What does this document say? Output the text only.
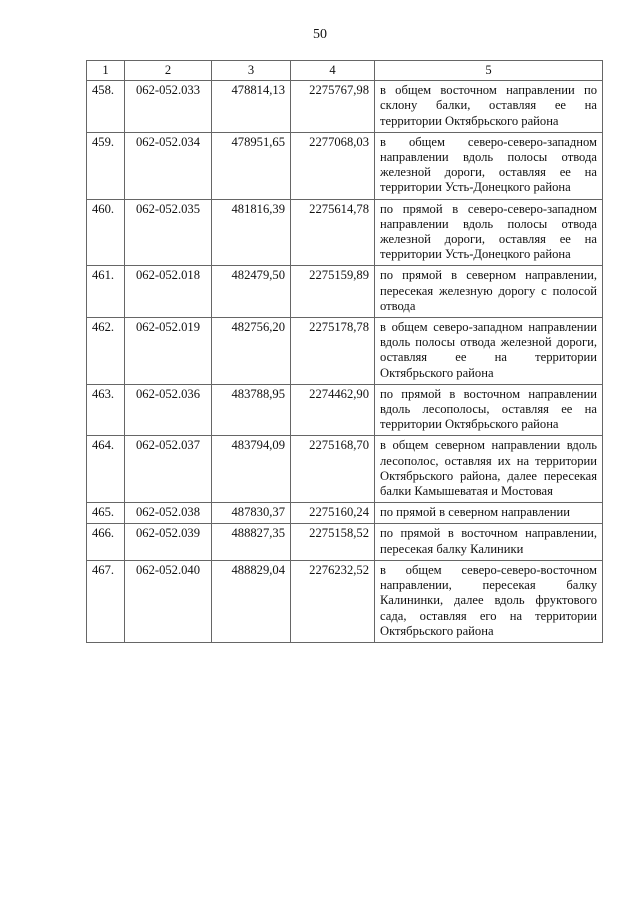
50
1	2	3	4	5
458.	062-052.033	478814,13	2275767,98	в общем восточном направлении по склону балки, оставляя ее на территории Октябрьского района
459.	062-052.034	478951,65	2277068,03	в общем северо-северо-западном направлении вдоль полосы отвода железной дороги, оставляя ее на территории Усть-Донецкого района
460.	062-052.035	481816,39	2275614,78	по прямой в северо-северо-западном направлении вдоль полосы отвода железной дороги, оставляя ее на территории Усть-Донецкого района
461.	062-052.018	482479,50	2275159,89	по прямой в северном направлении, пересекая железную дорогу с полосой отвода
462.	062-052.019	482756,20	2275178,78	в общем северо-западном направлении вдоль полосы отвода железной дороги, оставляя ее на территории Октябрьского района
463.	062-052.036	483788,95	2274462,90	по прямой в восточном направлении вдоль лесополосы, оставляя ее на территории Октябрьского района
464.	062-052.037	483794,09	2275168,70	в общем северном направлении вдоль лесополос, оставляя их на территории Октябрьского района, далее пересекая балки Камышеватая и Мостовая
465.	062-052.038	487830,37	2275160,24	по прямой в северном направлении
466.	062-052.039	488827,35	2275158,52	по прямой в восточном направлении, пересекая балку Калиники
467.	062-052.040	488829,04	2276232,52	в общем северо-северо-восточном направлении, пересекая балку Калининки, далее вдоль фруктового сада, оставляя его на территории Октябрьского района
